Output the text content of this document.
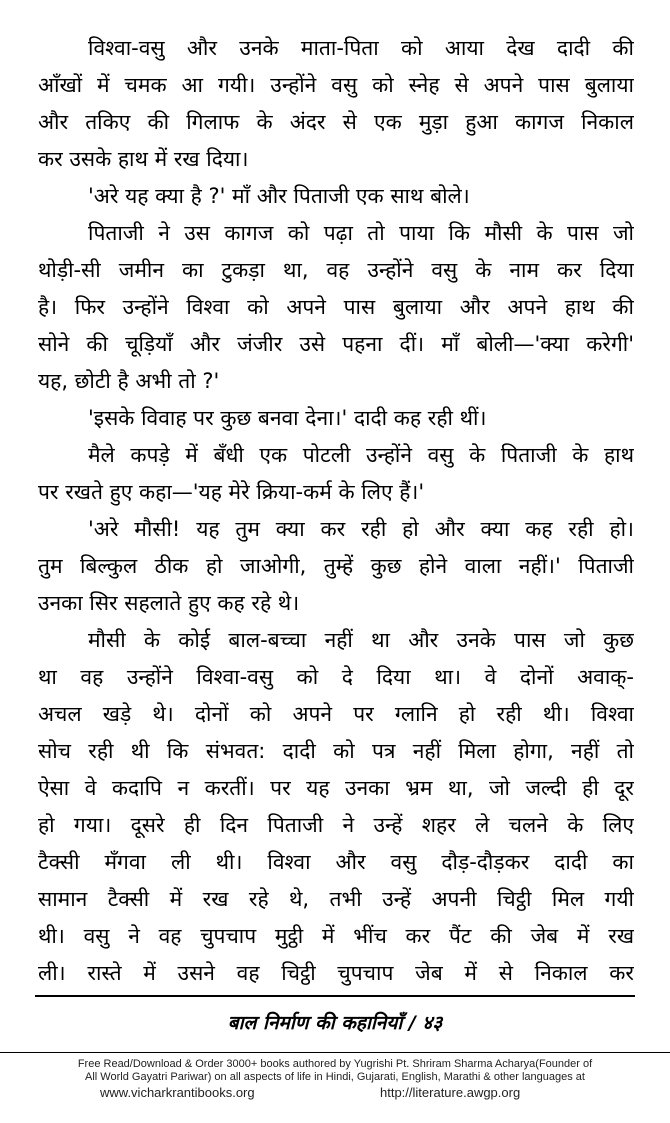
विश्वा-वसु और उनके माता-पिता को आया देख दादी की
आँखों में चमक आ गयी। उन्होंने वसु को स्नेह से अपने पास बुलाया
और तकिए की गिलाफ के अंदर से एक मुड़ा हुआ कागज निकाल
कर उसके हाथ में रख दिया।
'अरे यह क्या है ?' माँ और पिताजी एक साथ बोले।
पिताजी ने उस कागज को पढ़ा तो पाया कि मौसी के पास जो
थोड़ी-सी जमीन का टुकड़ा था, वह उन्होंने वसु के नाम कर दिया
है। फिर उन्होंने विश्वा को अपने पास बुलाया और अपने हाथ की
सोने की चूड़ियाँ और जंजीर उसे पहना दीं। माँ बोली—'क्या करेगी'
यह, छोटी है अभी तो ?'
'इसके विवाह पर कुछ बनवा देना।' दादी कह रही थीं।
मैले कपड़े में बँधी एक पोटली उन्होंने वसु के पिताजी के हाथ
पर रखते हुए कहा—'यह मेरे क्रिया-कर्म के लिए हैं।'
'अरे मौसी! यह तुम क्या कर रही हो और क्या कह रही हो।
तुम बिल्कुल ठीक हो जाओगी, तुम्हें कुछ होने वाला नहीं।' पिताजी
उनका सिर सहलाते हुए कह रहे थे।
मौसी के कोई बाल-बच्चा नहीं था और उनके पास जो कुछ
था वह उन्होंने विश्वा-वसु को दे दिया था। वे दोनों अवाक्-
अचल खड़े थे। दोनों को अपने पर ग्लानि हो रही थी। विश्वा
सोच रही थी कि संभवत: दादी को पत्र नहीं मिला होगा, नहीं तो
ऐसा वे कदापि न करतीं। पर यह उनका भ्रम था, जो जल्दी ही दूर
हो गया। दूसरे ही दिन पिताजी ने उन्हें शहर ले चलने के लिए
टैक्सी मँगवा ली थी। विश्वा और वसु दौड़-दौड़कर दादी का
सामान टैक्सी में रख रहे थे, तभी उन्हें अपनी चिट्ठी मिल गयी
थी। वसु ने वह चुपचाप मुट्ठी में भींच कर पैंट की जेब में रख
ली। रास्ते में उसने वह चिट्ठी चुपचाप जेब में से निकाल कर
बाल निर्माण की कहानियाँ / ४३
Free Read/Download & Order 3000+ books authored by Yugrishi Pt. Shriram Sharma Acharya(Founder of
All World Gayatri Pariwar) on all aspects of life in Hindi, Gujarati, English, Marathi & other languages at
www.vicharkrantibooks.org	http://literature.awgp.org
